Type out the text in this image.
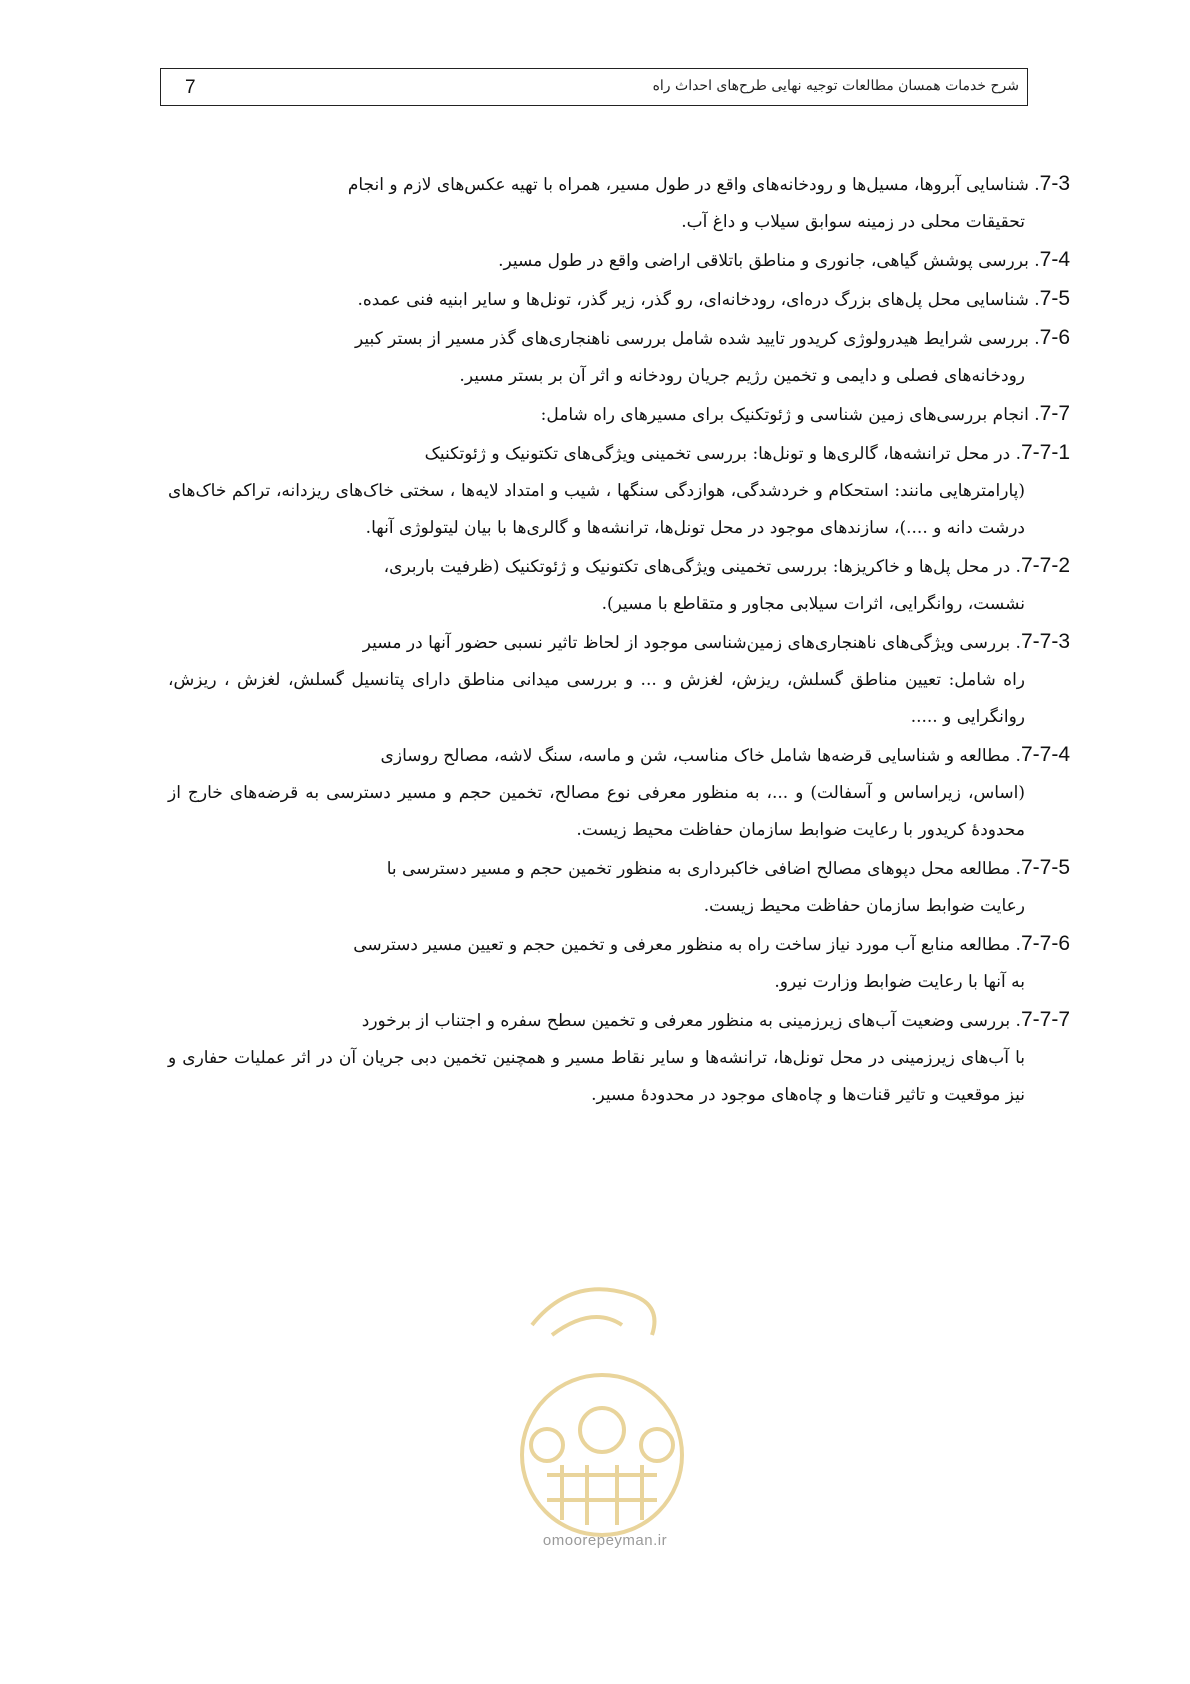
7	شرح خدمات همسان مطالعات توجیه نهایی طرح‌های احداث راه
7-3. شناسایی آبروها، مسیل‌ها و رودخانه‌های واقع در طول مسیر، همراه با تهیه عکس‌های لازم و انجام
تحقیقات محلی در زمینه سوابق سیلاب و داغ آب.
7-4. بررسی پوشش گیاهی، جانوری و مناطق باتلاقی اراضی واقع در طول مسیر.
7-5. شناسایی محل پل‌های بزرگ دره‌ای، رودخانه‌ای، رو گذر، زیر گذر، تونل‌ها و سایر ابنیه فنی عمده.
7-6. بررسی شرایط هیدرولوژی کریدور تایید شده شامل بررسی ناهنجاری‌های گذر مسیر از بستر کبیر
رودخانه‌های فصلی و دایمی و تخمین رژیم جریان رودخانه و اثر آن بر بستر مسیر.
7-7. انجام بررسی‌های زمین شناسی و ژئوتکنیک برای مسیرهای راه شامل:
7-7-1. در محل ترانشه‌ها، گالری‌ها و تونل‌ها: بررسی تخمینی ویژگی‌های تکتونیک و ژئوتکنیک
(پارامترهایی مانند: استحکام و خردشدگی، هوازدگی سنگها ، شیب و امتداد لایه‌ها ، سختی خاک‌های ریزدانه، تراکم خاک‌های درشت دانه و ....)، سازندهای موجود در محل تونل‌ها، ترانشه‌ها و گالری‌ها با بیان لیتولوژی آنها.
7-7-2. در محل پل‌ها و خاکریزها: بررسی تخمینی ویژگی‌های تکتونیک و ژئوتکنیک (ظرفیت باربری،
نشست، روانگرایی، اثرات سیلابی مجاور و متقاطع با مسیر).
7-7-3. بررسی ویژگی‌های ناهنجاری‌های زمین‌شناسی موجود از لحاظ تاثیر نسبی حضور آنها در مسیر
راه شامل: تعیین مناطق گسلش، ریزش، لغزش و ... و بررسی میدانی مناطق دارای پتانسیل گسلش، لغزش ، ریزش، روانگرایی و .....
7-7-4. مطالعه و شناسایی قرضه‌ها شامل خاک مناسب، شن و ماسه، سنگ لاشه، مصالح روسازی
(اساس، زیراساس و آسفالت) و ...، به منظور معرفی نوع مصالح، تخمین حجم و مسیر دسترسی به قرضه‌های خارج از محدودهٔ کریدور با رعایت ضوابط سازمان حفاظت محیط زیست.
7-7-5. مطالعه محل دپوهای مصالح اضافی خاکبرداری به منظور تخمین حجم و مسیر دسترسی با
رعایت ضوابط سازمان حفاظت محیط زیست.
7-7-6. مطالعه منابع آب مورد نیاز ساخت راه به منظور معرفی و تخمین حجم و تعیین مسیر دسترسی
به آنها با رعایت ضوابط وزارت نیرو.
7-7-7. بررسی وضعیت آب‌های زیرزمینی به منظور معرفی و تخمین سطح سفره و اجتناب از برخورد
با آب‌های زیرزمینی در محل تونل‌ها، ترانشه‌ها و سایر نقاط مسیر و همچنین تخمین دبی جریان آن در اثر عملیات حفاری و نیز موقعیت و تاثیر قنات‌ها و چاه‌های موجود در محدودهٔ مسیر.
omoorepeyman.ir
